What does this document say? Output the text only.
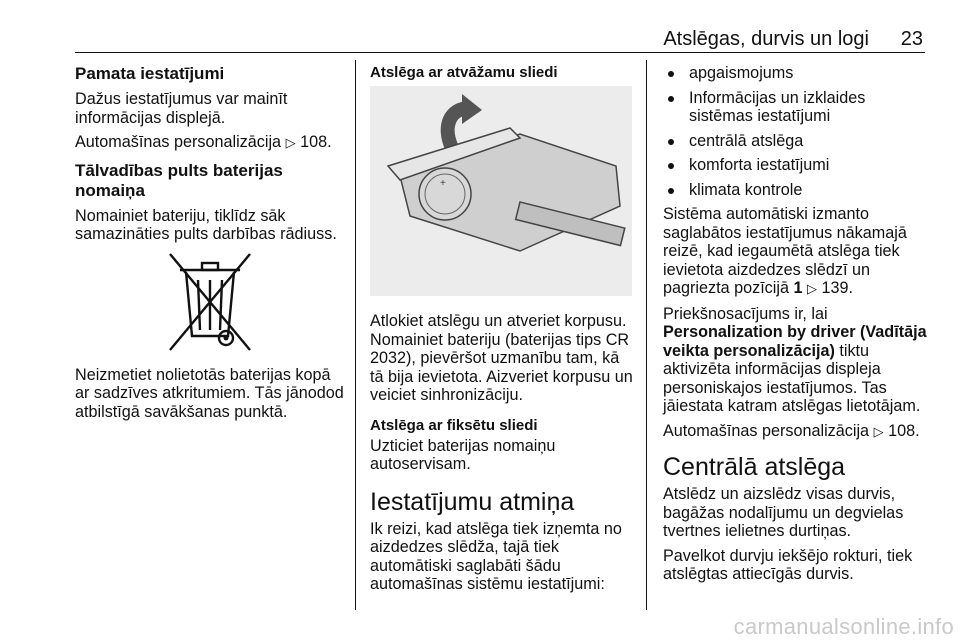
Atslēgas, durvis un logi 23
Pamata iestatījumi

Dažus iestatījumus var mainīt informācijas displejā.

Automašīnas personalizācija ▷ 108.

Tālvadības pults baterijas nomaiņa

Nomainiet bateriju, tiklīdz sāk samazināties pults darbības rādiuss.

Neizmetiet nolietotās baterijas kopā ar sadzīves atkritumiem. Tās jānodod atbilstīgā savākšanas punktā.

Atslēga ar atvāžamu sliedi
+

Atlokiet atslēgu un atveriet korpusu. Nomainiet bateriju (baterijas tips CR 2032), pievēršot uzmanību tam, kā tā bija ievietota. Aizveriet korpusu un veiciet sinhronizāciju.

Atslēga ar fiksētu sliedi

Uzticiet baterijas nomaiņu autoservisam.

Iestatījumu atmiņa

Ik reizi, kad atslēga tiek izņemta no aizdedzes slēdža, tajā tiek automātiski saglabāti šādu automašīnas sistēmu iestatījumi:

apgaismojums
Informācijas un izklaides sistēmas iestatījumi
centrālā atslēga
komforta iestatījumi
klimata kontrole

Sistēma automātiski izmanto saglabātos iestatījumus nākamajā reizē, kad iegaumētā atslēga tiek ievietota aizdedzes slēdzī un pagriezta pozīcijā 1 ▷ 139.

Priekšnosacījums ir, lai
Personalization by driver (Vadītāja veikta personalizācija) tiktu aktivizēta informācijas displeja personiskajos iestatījumos. Tas jāiestata katram atslēgas lietotājam.

Automašīnas personalizācija ▷ 108.

Centrālā atslēga

Atslēdz un aizslēdz visas durvis, bagāžas nodalījumu un degvielas tvertnes ielietnes durtiņas.

Pavelkot durvju iekšējo rokturi, tiek atslēgtas attiecīgās durvis.

carmanualsonline.info
